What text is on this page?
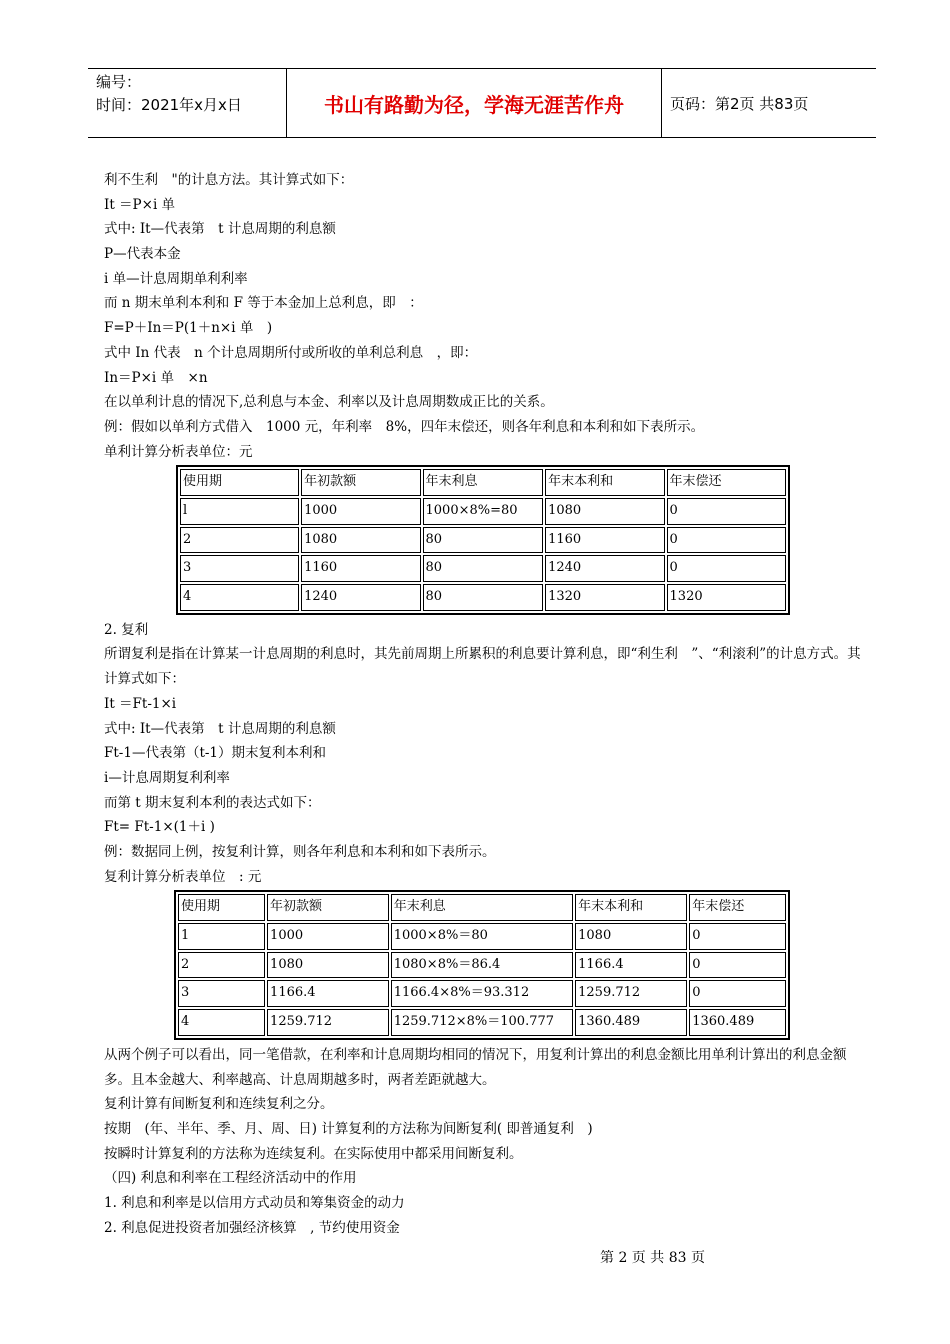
编号：
时间：2021年x月x日	书山有路勤为径，学海无涯苦作舟	页码：第2页 共83页
利不生利　"的计息方法。其计算式如下：
It ＝P×i 单
式中: It—代表第　t 计息周期的利息额
P—代表本金
i 单—计息周期单利利率
而 n 期末单利本利和 F 等于本金加上总利息，即　：
F=P＋In＝P(1＋n×i 单　)
式中 In 代表　n 个计息周期所付或所收的单利总利息　，即：
In＝P×i 单　×n
在以单利计息的情况下,总利息与本金、利率以及计息周期数成正比的关系。
例：假如以单利方式借入　1000 元，年利率　8%，四年末偿还，则各年利息和本利和如下表所示。
单利计算分析表单位：元
使用期	年初款额	年末利息	年末本利和	年末偿还
l	1000	1000×8%=80	1080	0
2	1080	80	1160	0
3	1160	80	1240	0
4	1240	80	1320	1320
2. 复利
所谓复利是指在计算某一计息周期的利息时，其先前周期上所累积的利息要计算利息，即“利生利　”、“利滚利”的计息方式。其计算式如下：
It ＝Ft-1×i
式中: It—代表第　t 计息周期的利息额
Ft-1—代表第（t-1）期末复利本利和
i—计息周期复利利率
而第 t 期末复利本利的表达式如下：
Ft= Ft-1×(1＋i )
例：数据同上例，按复利计算，则各年利息和本利和如下表所示。
复利计算分析表单位　: 元
使用期	年初款额	年末利息	年末本利和	年末偿还
1	1000	1000×8%＝80	1080	0
2	1080	1080×8%＝86.4	1166.4	0
3	1166.4	1166.4×8%＝93.312	1259.712	0
4	1259.712	1259.712×8%＝100.777	1360.489	1360.489
从两个例子可以看出，同一笔借款，在利率和计息周期均相同的情况下，用复利计算出的利息金额比用单利计算出的利息金额多。且本金越大、利率越高、计息周期越多时，两者差距就越大。
复利计算有间断复利和连续复利之分。
按期　(年、半年、季、月、周、日) 计算复利的方法称为间断复利( 即普通复利　)
按瞬时计算复利的方法称为连续复利。在实际使用中都采用间断复利。
（四) 利息和利率在工程经济活动中的作用
1. 利息和利率是以信用方式动员和筹集资金的动力
2. 利息促进投资者加强经济核算　, 节约使用资金
第 2 页 共 83 页
